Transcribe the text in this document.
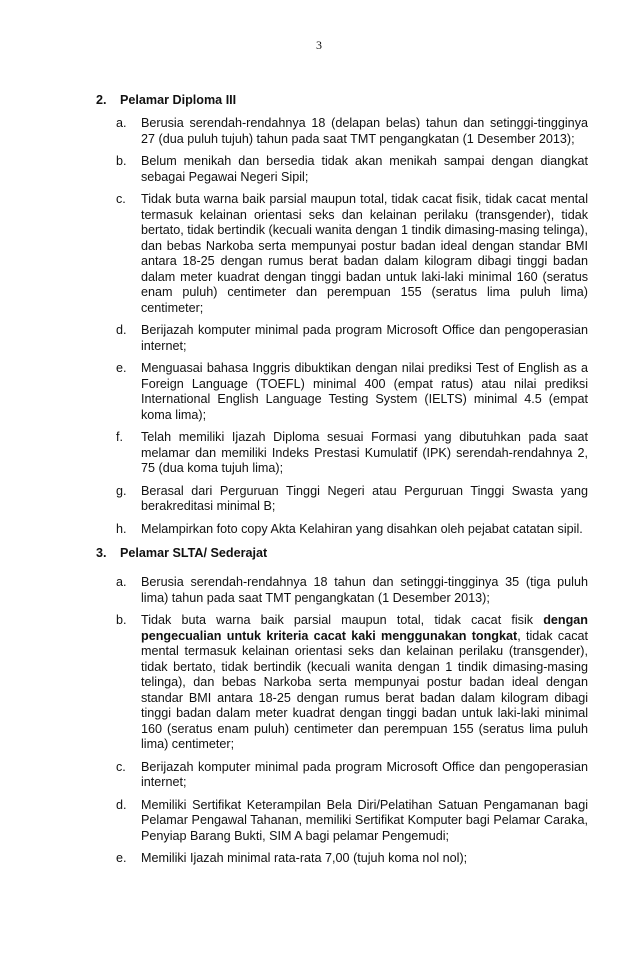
3
2. Pelamar Diploma III
a.	Berusia serendah-rendahnya 18 (delapan belas) tahun dan setinggi-tingginya 27 (dua puluh tujuh) tahun pada saat TMT pengangkatan (1 Desember 2013);
b.	Belum menikah dan bersedia tidak akan menikah sampai dengan diangkat sebagai Pegawai Negeri Sipil;
c.	Tidak buta warna baik parsial maupun total, tidak cacat fisik, tidak cacat mental termasuk kelainan orientasi seks dan kelainan perilaku (transgender), tidak bertato, tidak bertindik (kecuali wanita dengan 1 tindik dimasing-masing telinga), dan bebas Narkoba serta mempunyai postur badan ideal dengan standar BMI antara 18-25 dengan rumus berat badan dalam kilogram dibagi tinggi badan dalam meter kuadrat dengan tinggi badan untuk laki-laki minimal 160 (seratus enam puluh) centimeter dan perempuan 155 (seratus lima puluh lima) centimeter;
d.	Berijazah komputer minimal pada program Microsoft Office dan pengoperasian internet;
e.	Menguasai bahasa Inggris dibuktikan dengan nilai prediksi Test of English as a Foreign Language (TOEFL) minimal 400 (empat ratus) atau nilai prediksi International English Language Testing System (IELTS) minimal 4.5 (empat koma lima);
f.	Telah memiliki Ijazah Diploma sesuai Formasi yang dibutuhkan pada saat melamar dan memiliki Indeks Prestasi Kumulatif (IPK) serendah-rendahnya 2, 75 (dua koma tujuh lima);
g.	Berasal dari Perguruan Tinggi Negeri atau Perguruan Tinggi Swasta yang berakreditasi minimal B;
h.	Melampirkan foto copy Akta Kelahiran yang disahkan oleh pejabat catatan sipil.
3. Pelamar SLTA/ Sederajat
a.	Berusia serendah-rendahnya 18 tahun dan setinggi-tingginya 35 (tiga puluh lima) tahun pada saat TMT pengangkatan (1 Desember 2013);
b.	Tidak buta warna baik parsial maupun total, tidak cacat fisik dengan pengecualian untuk kriteria cacat kaki menggunakan tongkat, tidak cacat mental termasuk kelainan orientasi seks dan kelainan perilaku (transgender), tidak bertato, tidak bertindik (kecuali wanita dengan 1 tindik dimasing-masing telinga), dan bebas Narkoba serta mempunyai postur badan ideal dengan standar BMI antara 18-25 dengan rumus berat badan dalam kilogram dibagi tinggi badan dalam meter kuadrat dengan tinggi badan untuk laki-laki minimal 160 (seratus enam puluh) centimeter dan perempuan 155 (seratus lima puluh lima) centimeter;
c.	Berijazah komputer minimal pada program Microsoft Office dan pengoperasian internet;
d.	Memiliki Sertifikat Keterampilan Bela Diri/Pelatihan Satuan Pengamanan bagi Pelamar Pengawal Tahanan, memiliki Sertifikat Komputer bagi Pelamar Caraka, Penyiap Barang Bukti, SIM A bagi pelamar Pengemudi;
e.	Memiliki Ijazah minimal rata-rata 7,00 (tujuh koma nol nol);
